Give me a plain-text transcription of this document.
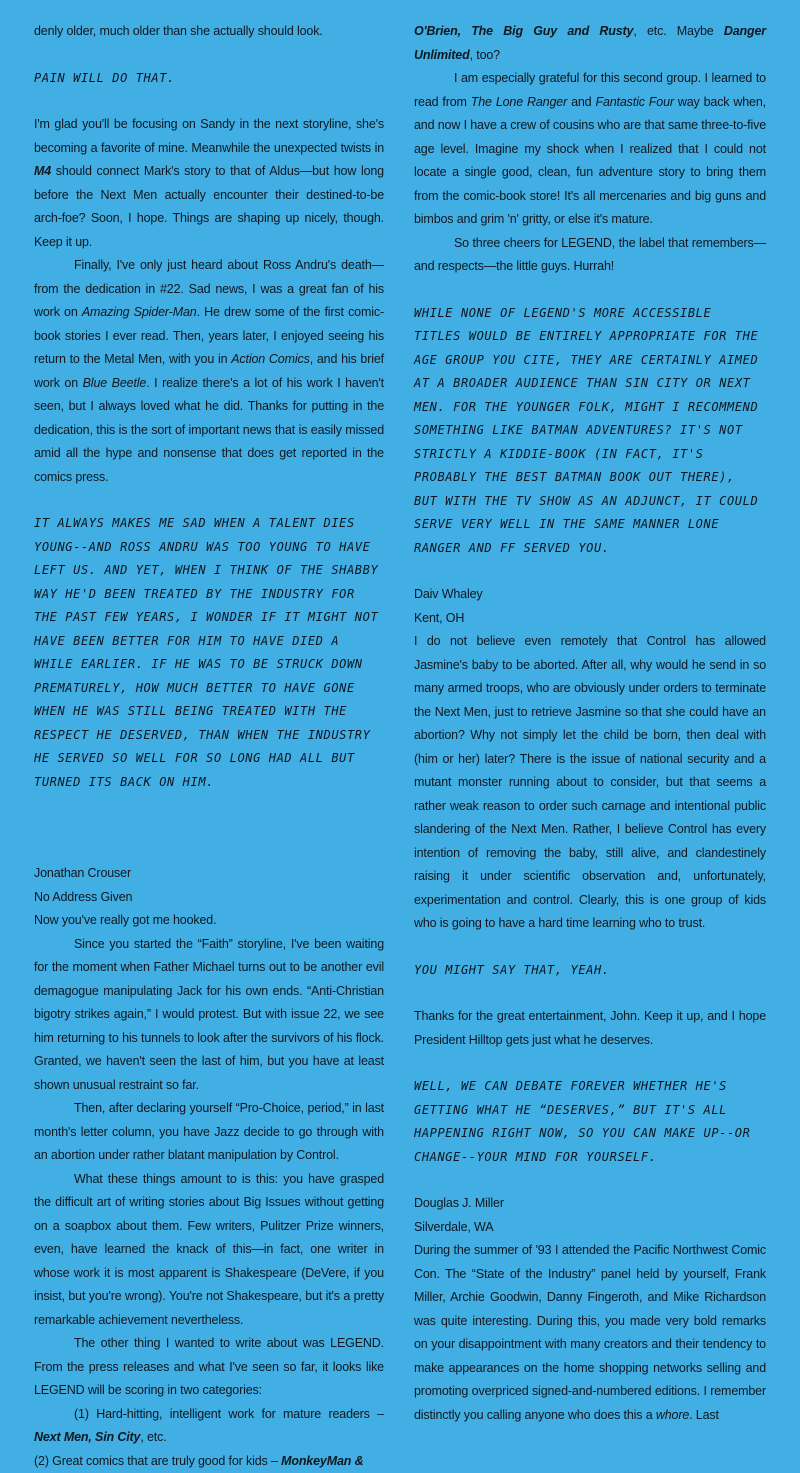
denly older, much older than she actually should look.

PAIN WILL DO THAT.

I'm glad you'll be focusing on Sandy in the next storyline, she's becoming a favorite of mine. Meanwhile the unexpected twists in M4 should connect Mark's story to that of Aldus—but how long before the Next Men actually encounter their destined-to-be arch-foe? Soon, I hope. Things are shaping up nicely, though. Keep it up.

Finally, I've only just heard about Ross Andru's death—from the dedication in #22. Sad news, I was a great fan of his work on Amazing Spider-Man. He drew some of the first comic-book stories I ever read. Then, years later, I enjoyed seeing his return to the Metal Men, with you in Action Comics, and his brief work on Blue Beetle. I realize there's a lot of his work I haven't seen, but I always loved what he did. Thanks for putting in the dedication, this is the sort of important news that is easily missed amid all the hype and nonsense that does get reported in the comics press.

IT ALWAYS MAKES ME SAD WHEN A TALENT DIES YOUNG--AND ROSS ANDRU WAS TOO YOUNG TO HAVE LEFT US. AND YET, WHEN I THINK OF THE SHABBY WAY HE'D BEEN TREATED BY THE INDUSTRY FOR THE PAST FEW YEARS, I WONDER IF IT MIGHT NOT HAVE BEEN BETTER FOR HIM TO HAVE DIED A WHILE EARLIER. IF HE WAS TO BE STRUCK DOWN PREMATURELY, HOW MUCH BETTER TO HAVE GONE WHEN HE WAS STILL BEING TREATED WITH THE RESPECT HE DESERVED, THAN WHEN THE INDUSTRY HE SERVED SO WELL FOR SO LONG HAD ALL BUT TURNED ITS BACK ON HIM.

Jonathan Crouser

No Address Given

Now you've really got me hooked.

Since you started the “Faith” storyline, I've been waiting for the moment when Father Michael turns out to be another evil demagogue manipulating Jack for his own ends. “Anti-Christian bigotry strikes again,” I would protest. But with issue 22, we see him returning to his tunnels to look after the survivors of his flock. Granted, we haven't seen the last of him, but you have at least shown unusual restraint so far.

Then, after declaring yourself “Pro-Choice, period,” in last month's letter column, you have Jazz decide to go through with an abortion under rather blatant manipulation by Control.

What these things amount to is this: you have grasped the difficult art of writing stories about Big Issues without getting on a soapbox about them. Few writers, Pulitzer Prize winners, even, have learned the knack of this—in fact, one writer in whose work it is most apparent is Shakespeare (DeVere, if you insist, but you're wrong). You're not Shakespeare, but it's a pretty remarkable achievement nevertheless.

The other thing I wanted to write about was LEGEND. From the press releases and what I've seen so far, it looks like LEGEND will be scoring in two categories:

(1) Hard-hitting, intelligent work for mature readers – Next Men, Sin City, etc.

(2) Great comics that are truly good for kids – MonkeyMan &

O'Brien, The Big Guy and Rusty, etc. Maybe Danger Unlimited, too?

I am especially grateful for this second group. I learned to read from The Lone Ranger and Fantastic Four way back when, and now I have a crew of cousins who are that same three-to-five age level. Imagine my shock when I realized that I could not locate a single good, clean, fun adventure story to bring them from the comic-book store! It's all mercenaries and big guns and bimbos and grim 'n' gritty, or else it's mature.

So three cheers for LEGEND, the label that remembers—and respects—the little guys. Hurrah!

WHILE NONE OF LEGEND'S MORE ACCESSIBLE TITLES WOULD BE ENTIRELY APPROPRIATE FOR THE AGE GROUP YOU CITE, THEY ARE CERTAINLY AIMED AT A BROADER AUDIENCE THAN SIN CITY OR NEXT MEN. FOR THE YOUNGER FOLK, MIGHT I RECOMMEND SOMETHING LIKE BATMAN ADVENTURES? IT'S NOT STRICTLY A KIDDIE-BOOK (IN FACT, IT'S PROBABLY THE BEST BATMAN BOOK OUT THERE), BUT WITH THE TV SHOW AS AN ADJUNCT, IT COULD SERVE VERY WELL IN THE SAME MANNER LONE RANGER AND FF SERVED YOU.

Daiv Whaley

Kent, OH

I do not believe even remotely that Control has allowed Jasmine's baby to be aborted. After all, why would he send in so many armed troops, who are obviously under orders to terminate the Next Men, just to retrieve Jasmine so that she could have an abortion? Why not simply let the child be born, then deal with (him or her) later? There is the issue of national security and a mutant monster running about to consider, but that seems a rather weak reason to order such carnage and intentional public slandering of the Next Men. Rather, I believe Control has every intention of removing the baby, still alive, and clandestinely raising it under scientific observation and, unfortunately, experimentation and control. Clearly, this is one group of kids who is going to have a hard time learning who to trust.

YOU MIGHT SAY THAT, YEAH.

Thanks for the great entertainment, John. Keep it up, and I hope President Hilltop gets just what he deserves.

WELL, WE CAN DEBATE FOREVER WHETHER HE'S GETTING WHAT HE “DESERVES,” BUT IT'S ALL HAPPENING RIGHT NOW, SO YOU CAN MAKE UP--OR CHANGE--YOUR MIND FOR YOURSELF.

Douglas J. Miller

Silverdale, WA

During the summer of '93 I attended the Pacific Northwest Comic Con. The “State of the Industry” panel held by yourself, Frank Miller, Archie Goodwin, Danny Fingeroth, and Mike Richardson was quite interesting. During this, you made very bold remarks on your disappointment with many creators and their tendency to make appearances on the home shopping networks selling and promoting overpriced signed-and-numbered editions. I remember distinctly you calling anyone who does this a whore. Last
